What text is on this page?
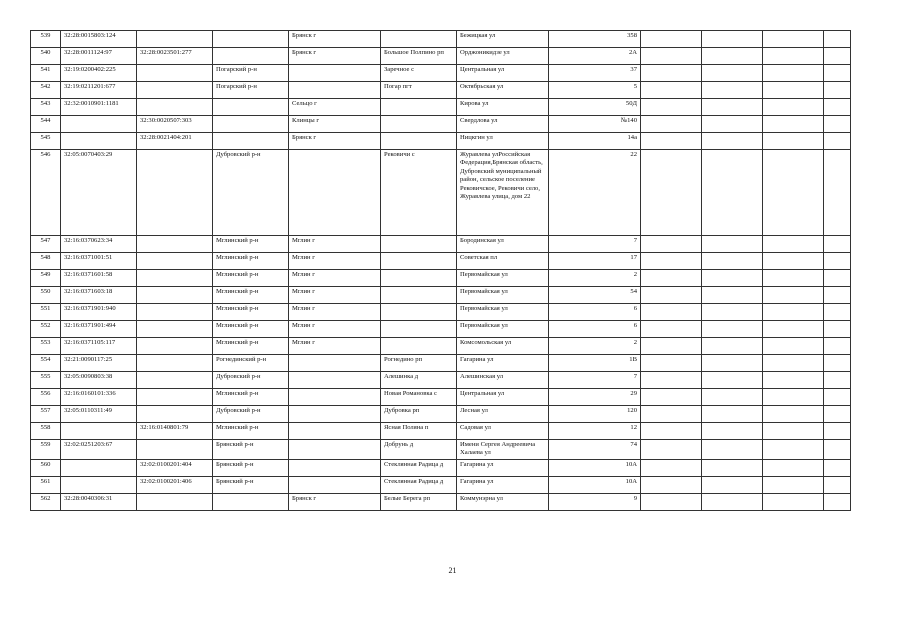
539	32:28:0015803:124			Брянск г		Бежицкая ул	358				
540	32:28:0011124:97	32:28:0023501:277		Брянск г	Большое Полпино рп	Орджоникидзе ул	2А				
541	32:19:0200402:225		Погарский р-н		Заречное с	Центральная ул	37				
542	32:19:0211201:677		Погарский р-н		Погар пгт	Октябрьская ул	5				
543	32:32:0010901:1181			Сельцо г		Кирова ул	50Д				
544		32:30:0020507:303		Клинцы г		Свердлова ул	№140				
545		32:28:0021404:201		Брянск г		Ницкгин ул	14а				
546	32:05:0070403:29		Дубровский р-н		Рековичи с	Журавлева улРоссийская Федерация,Брянская область, Дубровский муниципальный район, сельское поселение Рековичское, Рековичи село, Журавлева улица, дом 22	22				
547	32:16:0370623:34		Мглинский р-н	Мглин г		Бородинская ул	7				
548	32:16:0371001:51		Мглинский р-н	Мглин г		Советская пл	17				
549	32:16:0371601:58		Мглинский р-н	Мглин г		Первомайская ул	2				
550	32:16:0371603:18		Мглинский р-н	Мглин г		Первомайская ул	54				
551	32:16:0371901:940		Мглинский р-н	Мглин г		Первомайская ул	6				
552	32:16:0371901:494		Мглинский р-н	Мглин г		Первомайская ул	6				
553	32:16:0371105:117		Мглинский р-н	Мглин г		Комсомольская ул	2				
554	32:21:0090117:25		Рогнединский р-н		Рогнедино рп	Гагарина ул	1В				
555	32:05:0090803:38		Дубровский р-н		Алешинка д	Алешинская ул	7				
556	32:16:0160101:336		Мглинский р-н		Новая Романовка с	Центральная ул	29				
557	32:05:0110311:49		Дубровский р-н		Дубровка рп	Лесная ул	120				
558		32:16:0140801:79	Мглинский р-н		Ясная Поляна п	Садовая ул	12				
559	32:02:0251203:67		Брянский р-н		Добрунь д	Имени Сергея Андреевича Халаева ул	74				
560		32:02:0100201:404	Брянский р-н		Стеклянная Радица д	Гагарина ул	10А				
561		32:02:0100201:406	Брянский р-н		Стеклянная Радица д	Гагарина ул	10А				
562	32:28:0040306:31			Брянск г	Белые Берега рп	Коммунэрна ул	9				
21
